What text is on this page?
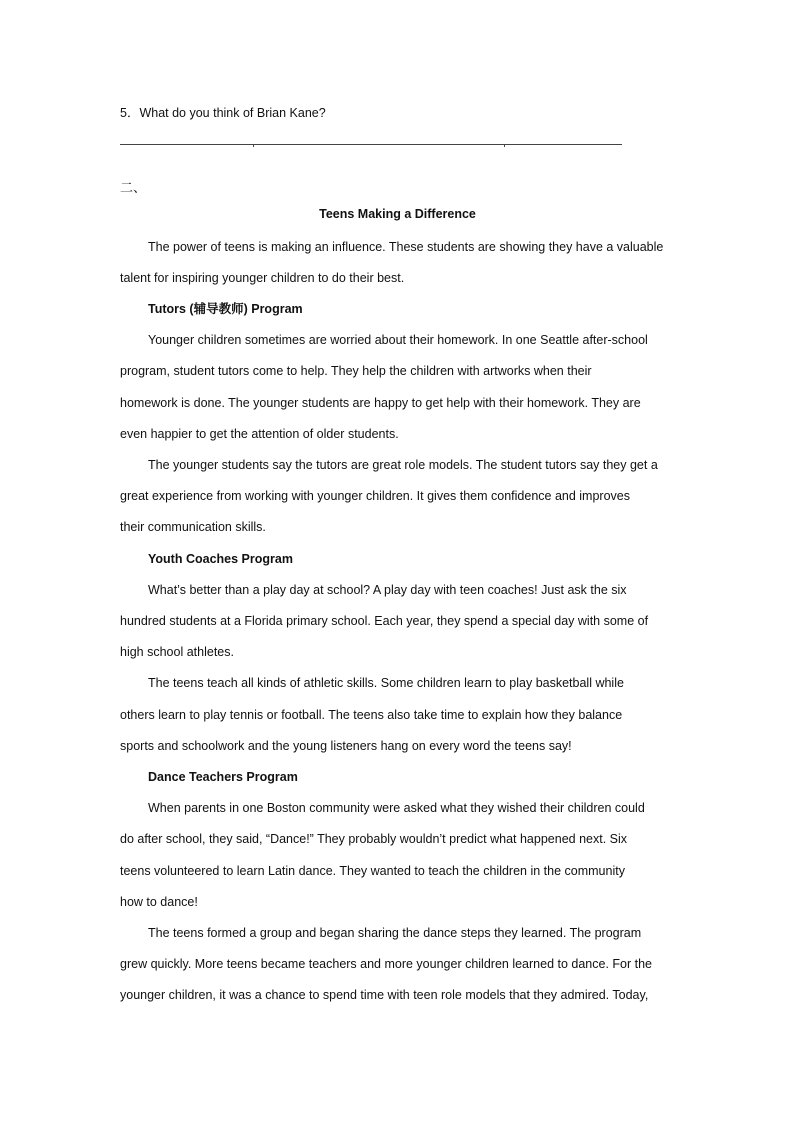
5．What do you think of Brian Kane?
二、
Teens Making a Difference
The power of teens is making an influence. These students are showing they have a valuable
talent for inspiring younger children to do their best.
Tutors (辅导教师) Program
Younger children sometimes are worried about their homework. In one Seattle after-school
program, student tutors come to help. They help the children with artworks when their
homework is done. The younger students are happy to get help with their homework. They are
even happier to get the attention of older students.
The younger students say the tutors are great role models. The student tutors say they get a
great experience from working with younger children. It gives them confidence and improves
their communication skills.
Youth Coaches Program
What’s better than a play day at school? A play day with teen coaches! Just ask the six
hundred students at a Florida primary school. Each year, they spend a special day with some of
high school athletes.
The teens teach all kinds of athletic skills. Some children learn to play basketball while
others learn to play tennis or football. The teens also take time to explain how they balance
sports and schoolwork and the young listeners hang on every word the teens say!
Dance Teachers Program
When parents in one Boston community were asked what they wished their children could
do after school, they said, “Dance!” They probably wouldn’t predict what happened next. Six
teens volunteered to learn Latin dance. They wanted to teach the children in the community
how to dance!
The teens formed a group and began sharing the dance steps they learned. The program
grew quickly. More teens became teachers and more younger children learned to dance. For the
younger children, it was a chance to spend time with teen role models that they admired. Today,
